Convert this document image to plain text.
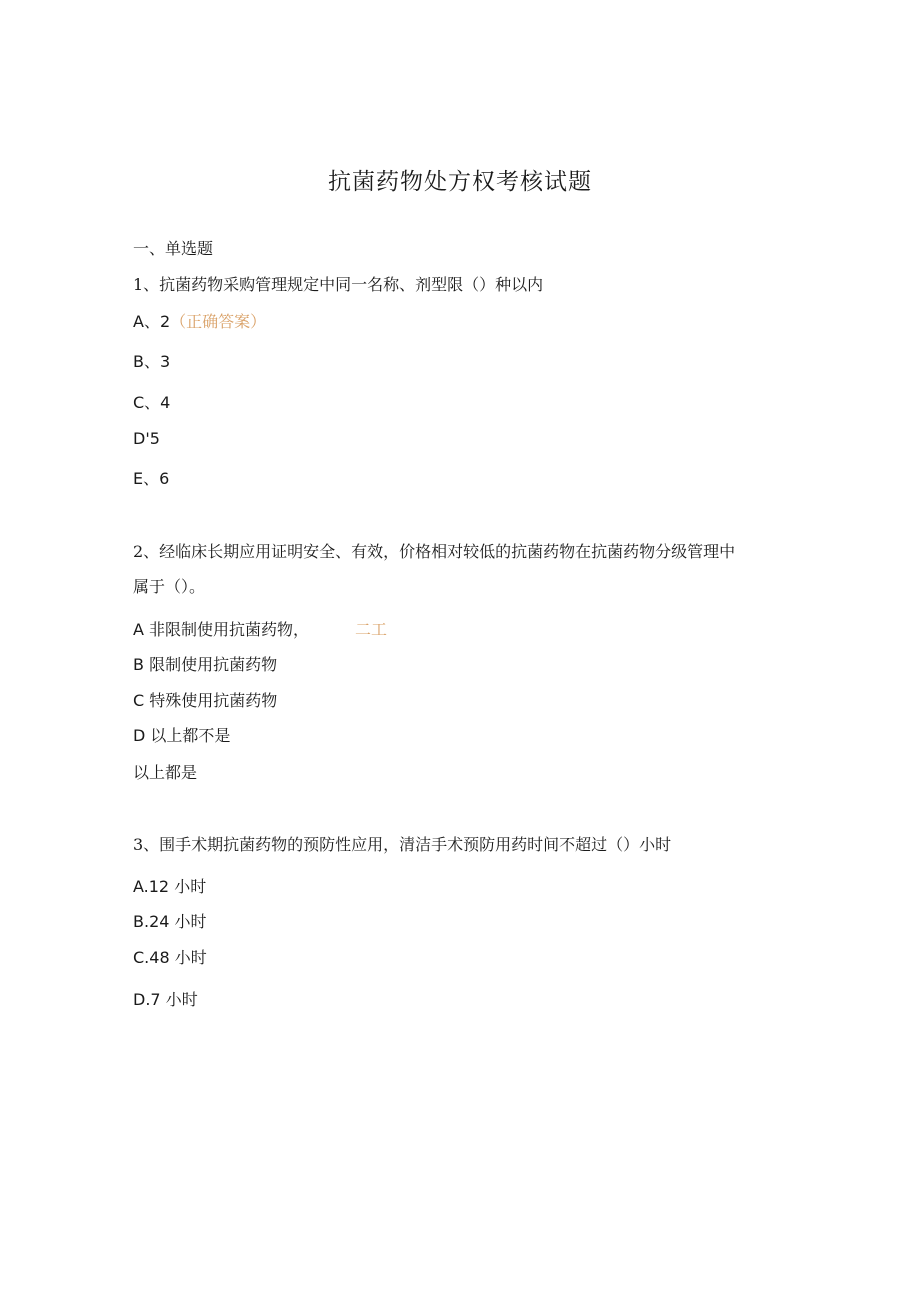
抗菌药物处方权考核试题
一、单选题
1、抗菌药物采购管理规定中同一名称、剂型限（）种以内
A、2（正确答案）
B、3
C、4
D'5
E、6
2、经临床长期应用证明安全、有效，价格相对较低的抗菌药物在抗菌药物分级管理中
属于（）。
A 非限制使用抗菌药物，	二工
B 限制使用抗菌药物
C 特殊使用抗菌药物
D 以上都不是
以上都是
3、围手术期抗菌药物的预防性应用，清洁手术预防用药时间不超过（）小时
A.12 小时
B.24 小时
C.48 小时
D.7 小时
